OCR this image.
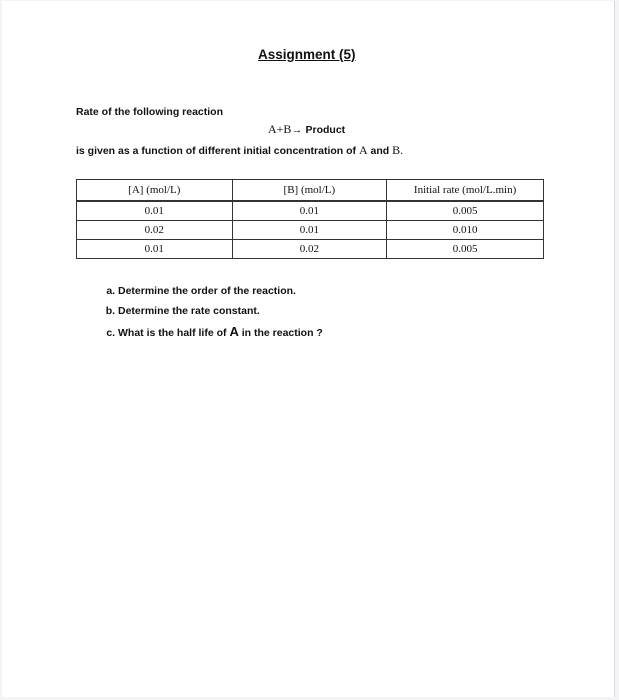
Assignment (5)
Rate of the following reaction
A+B→ Product
is given as a function of different initial concentration of A and B.
[A] (mol/L)	[B] (mol/L)	Initial rate (mol/L.min)
0.01	0.01	0.005
0.02	0.01	0.010
0.01	0.02	0.005
a. Determine the order of the reaction.
b. Determine the rate constant.
c. What is the half life of A in the reaction ?
